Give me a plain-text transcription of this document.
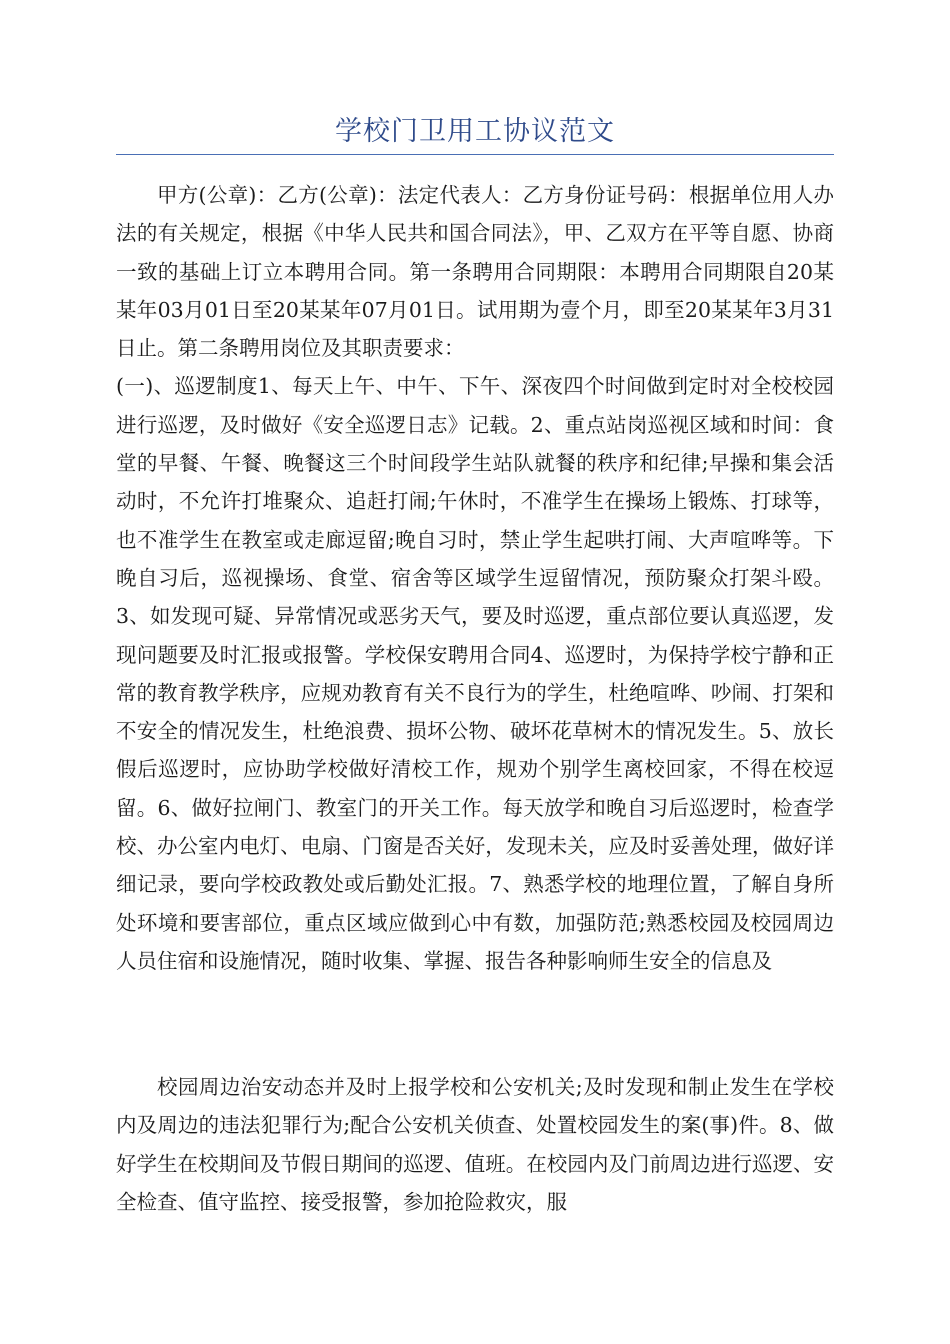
学校门卫用工协议范文

甲方(公章)：乙方(公章)：法定代表人：乙方身份证号码：根据单位用人办法的有关规定，根据《中华人民共和国合同法》，甲、乙双方在平等自愿、协商一致的基础上订立本聘用合同。第一条聘用合同期限：本聘用合同期限自20某某年03月01日至20某某年07月01日。试用期为壹个月，即至20某某年3月31日止。第二条聘用岗位及其职责要求：

(一)、巡逻制度1、每天上午、中午、下午、深夜四个时间做到定时对全校校园进行巡逻，及时做好《安全巡逻日志》记载。2、重点站岗巡视区域和时间：食堂的早餐、午餐、晚餐这三个时间段学生站队就餐的秩序和纪律;早操和集会活动时，不允许打堆聚众、追赶打闹;午休时，不准学生在操场上锻炼、打球等，也不准学生在教室或走廊逗留;晚自习时，禁止学生起哄打闹、大声喧哗等。下晚自习后，巡视操场、食堂、宿舍等区域学生逗留情况，预防聚众打架斗殴。3、如发现可疑、异常情况或恶劣天气，要及时巡逻，重点部位要认真巡逻，发现问题要及时汇报或报警。学校保安聘用合同4、巡逻时，为保持学校宁静和正常的教育教学秩序，应规劝教育有关不良行为的学生，杜绝喧哗、吵闹、打架和不安全的情况发生，杜绝浪费、损坏公物、破坏花草树木的情况发生。5、放长假后巡逻时，应协助学校做好清校工作，规劝个别学生离校回家，不得在校逗留。6、做好拉闸门、教室门的开关工作。每天放学和晚自习后巡逻时，检查学校、办公室内电灯、电扇、门窗是否关好，发现未关，应及时妥善处理，做好详细记录，要向学校政教处或后勤处汇报。7、熟悉学校的地理位置，了解自身所处环境和要害部位，重点区域应做到心中有数，加强防范;熟悉校园及校园周边人员住宿和设施情况，随时收集、掌握、报告各种影响师生安全的信息及

校园周边治安动态并及时上报学校和公安机关;及时发现和制止发生在学校内及周边的违法犯罪行为;配合公安机关侦查、处置校园发生的案(事)件。8、做好学生在校期间及节假日期间的巡逻、值班。在校园内及门前周边进行巡逻、安全检查、值守监控、接受报警，参加抢险救灾，服
